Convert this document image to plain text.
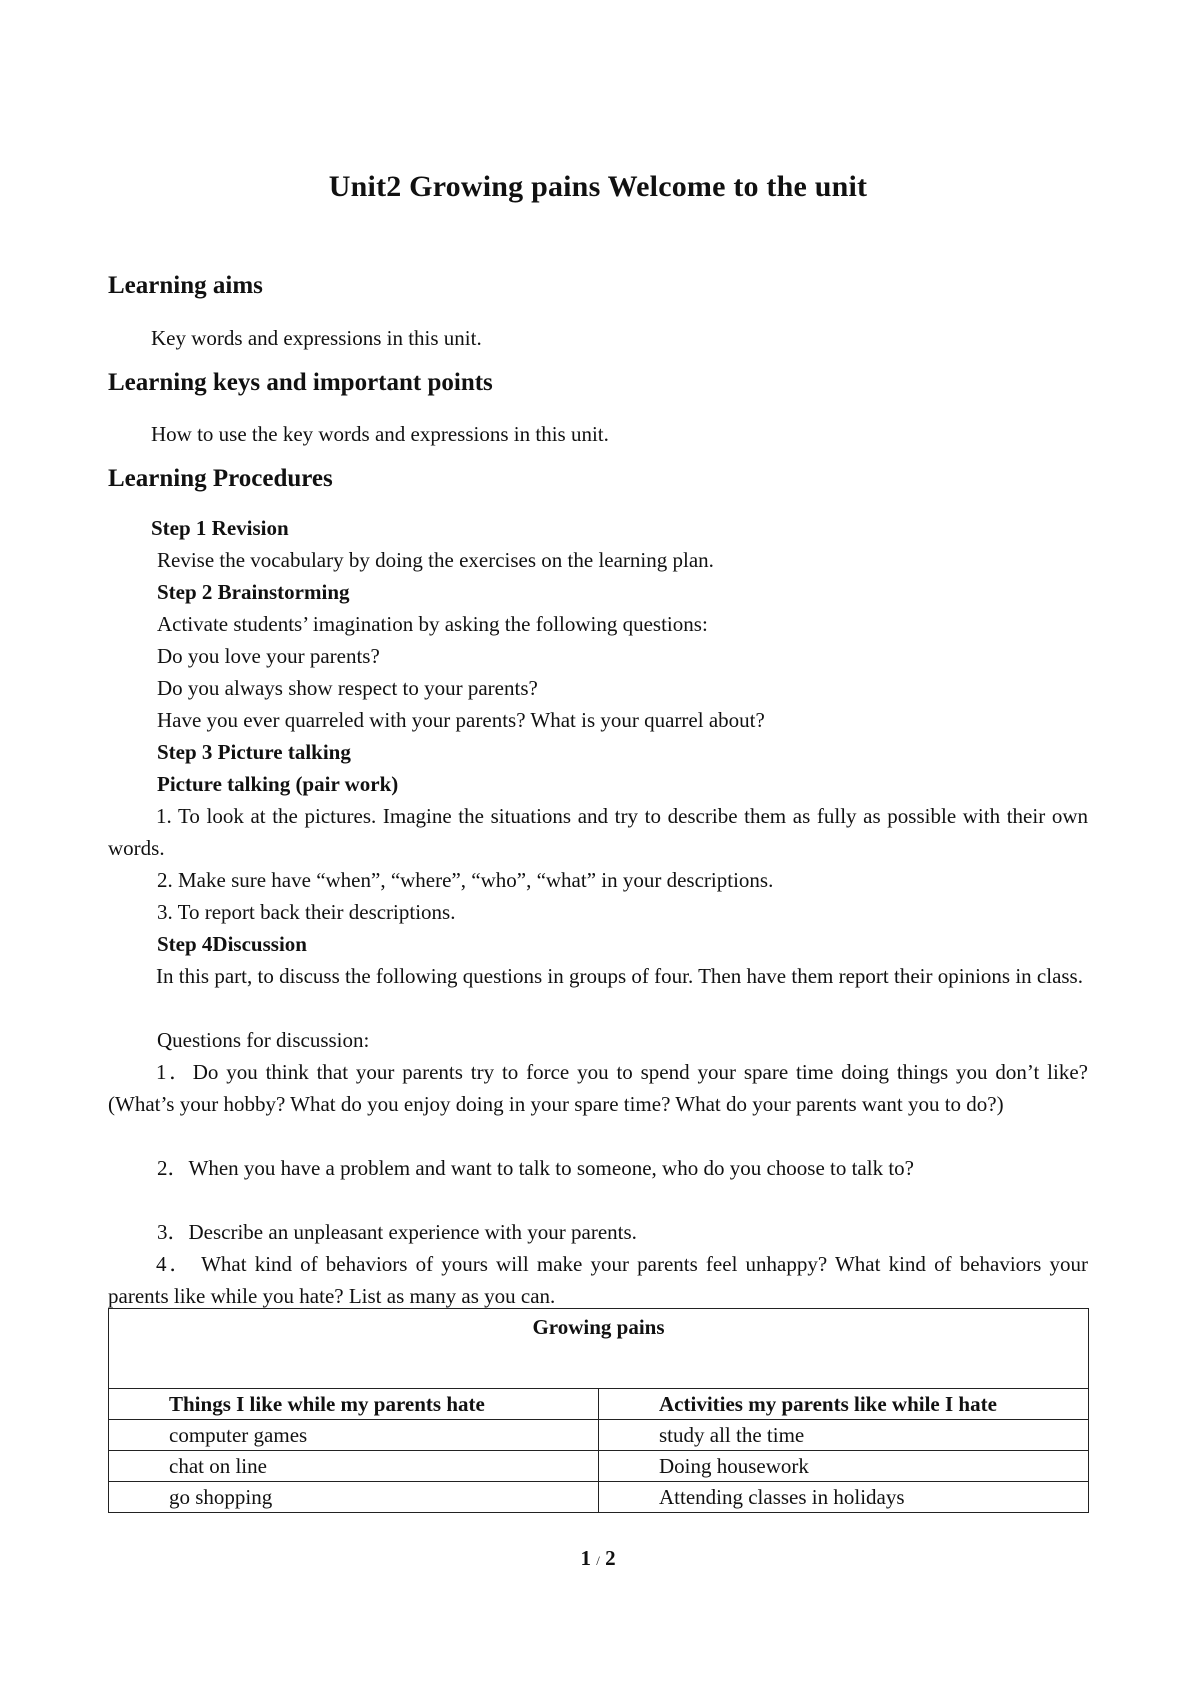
Unit2 Growing pains Welcome to the unit
Learning aims
Key words and expressions in this unit.
Learning keys and important points
How to use the key words and expressions in this unit.
Learning Procedures
Step 1 Revision
Revise the vocabulary by doing the exercises on the learning plan.
Step 2 Brainstorming
Activate students’ imagination by asking the following questions:
Do you love your parents?
Do you always show respect to your parents?
Have you ever quarreled with your parents? What is your quarrel about?
Step 3 Picture talking
Picture talking (pair work)
1. To look at the pictures. Imagine the situations and try to describe them as fully as possible with their own words.
2. Make sure have “when”, “where”, “who”, “what” in your descriptions.
3. To report back their descriptions.
Step 4Discussion
In this part, to discuss the following questions in groups of four. Then have them report their opinions in class.
Questions for discussion:
1．Do you think that your parents try to force you to spend your spare time doing things you don’t like? (What’s your hobby? What do you enjoy doing in your spare time? What do your parents want you to do?)
2．When you have a problem and want to talk to someone, who do you choose to talk to?
3．Describe an unpleasant experience with your parents.
4． What kind of behaviors of yours will make your parents feel unhappy? What kind of behaviors your parents like while you hate? List as many as you can.
Growing pains	
Things I like while my parents hate	Activities my parents like while I hate
computer games	study all the time
chat on line	Doing housework
go shopping	Attending classes in holidays
1 / 2
